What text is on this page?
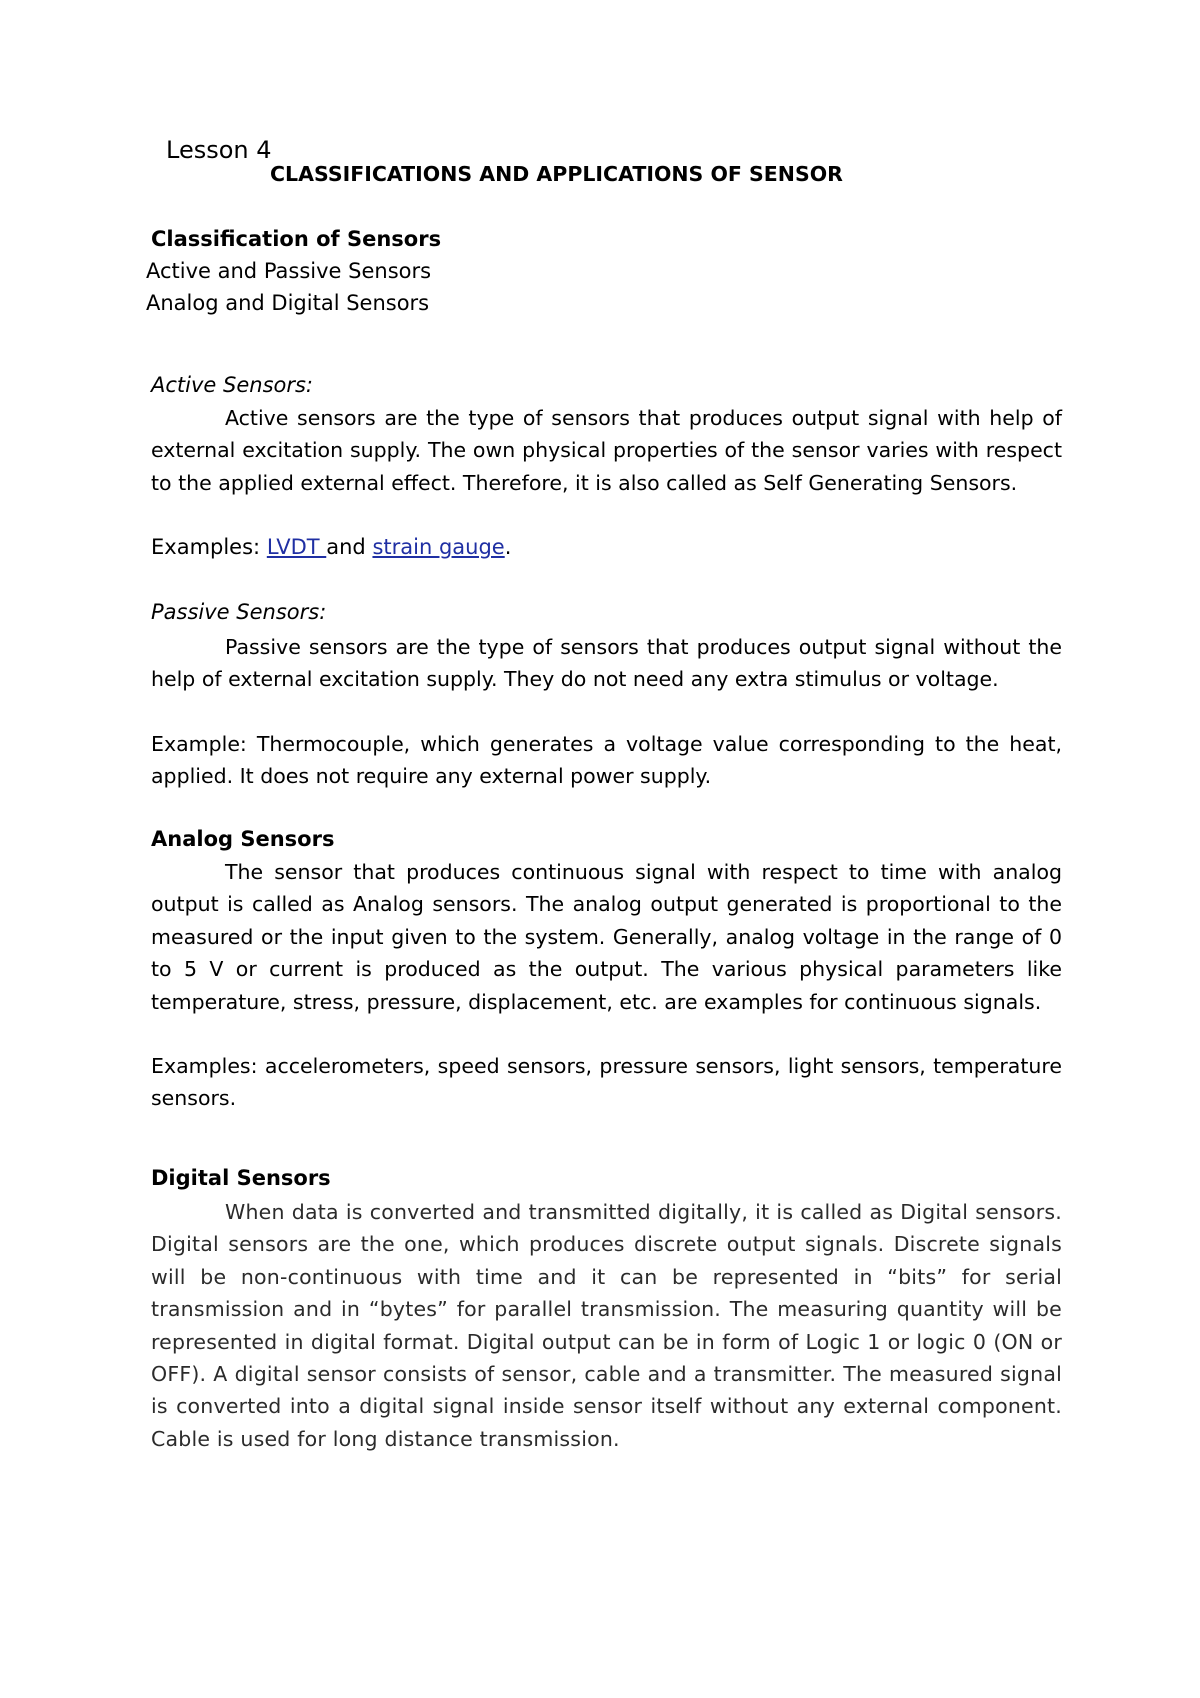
Lesson 4
CLASSIFICATIONS AND APPLICATIONS OF SENSOR
Classification of Sensors
Active and Passive Sensors
Analog and Digital Sensors
Active Sensors:

Active sensors are the type of sensors that produces output signal with help of external excitation supply. The own physical properties of the sensor varies with respect to the applied external effect. Therefore, it is also called as Self Generating Sensors.

Examples: LVDT and strain gauge.
Passive Sensors:

Passive sensors are the type of sensors that produces output signal without the help of external excitation supply. They do not need any extra stimulus or voltage.

Example: Thermocouple, which generates a voltage value corresponding to the heat, applied. It does not require any external power supply.

Analog Sensors

The sensor that produces continuous signal with respect to time with analog output is called as Analog sensors. The analog output generated is proportional to the measured or the input given to the system. Generally, analog voltage in the range of 0 to 5 V or current is produced as the output. The various physical parameters like temperature, stress, pressure, displacement, etc. are examples for continuous signals.

Examples: accelerometers, speed sensors, pressure sensors, light sensors, temperature sensors.

Digital Sensors

When data is converted and transmitted digitally, it is called as Digital sensors. Digital sensors are the one, which produces discrete output signals. Discrete signals will be non-continuous with time and it can be represented in “bits” for serial transmission and in “bytes” for parallel transmission. The measuring quantity will be represented in digital format. Digital output can be in form of Logic 1 or logic 0 (ON or OFF). A digital sensor consists of sensor, cable and a transmitter. The measured signal is converted into a digital signal inside sensor itself without any external component. Cable is used for long distance transmission.
